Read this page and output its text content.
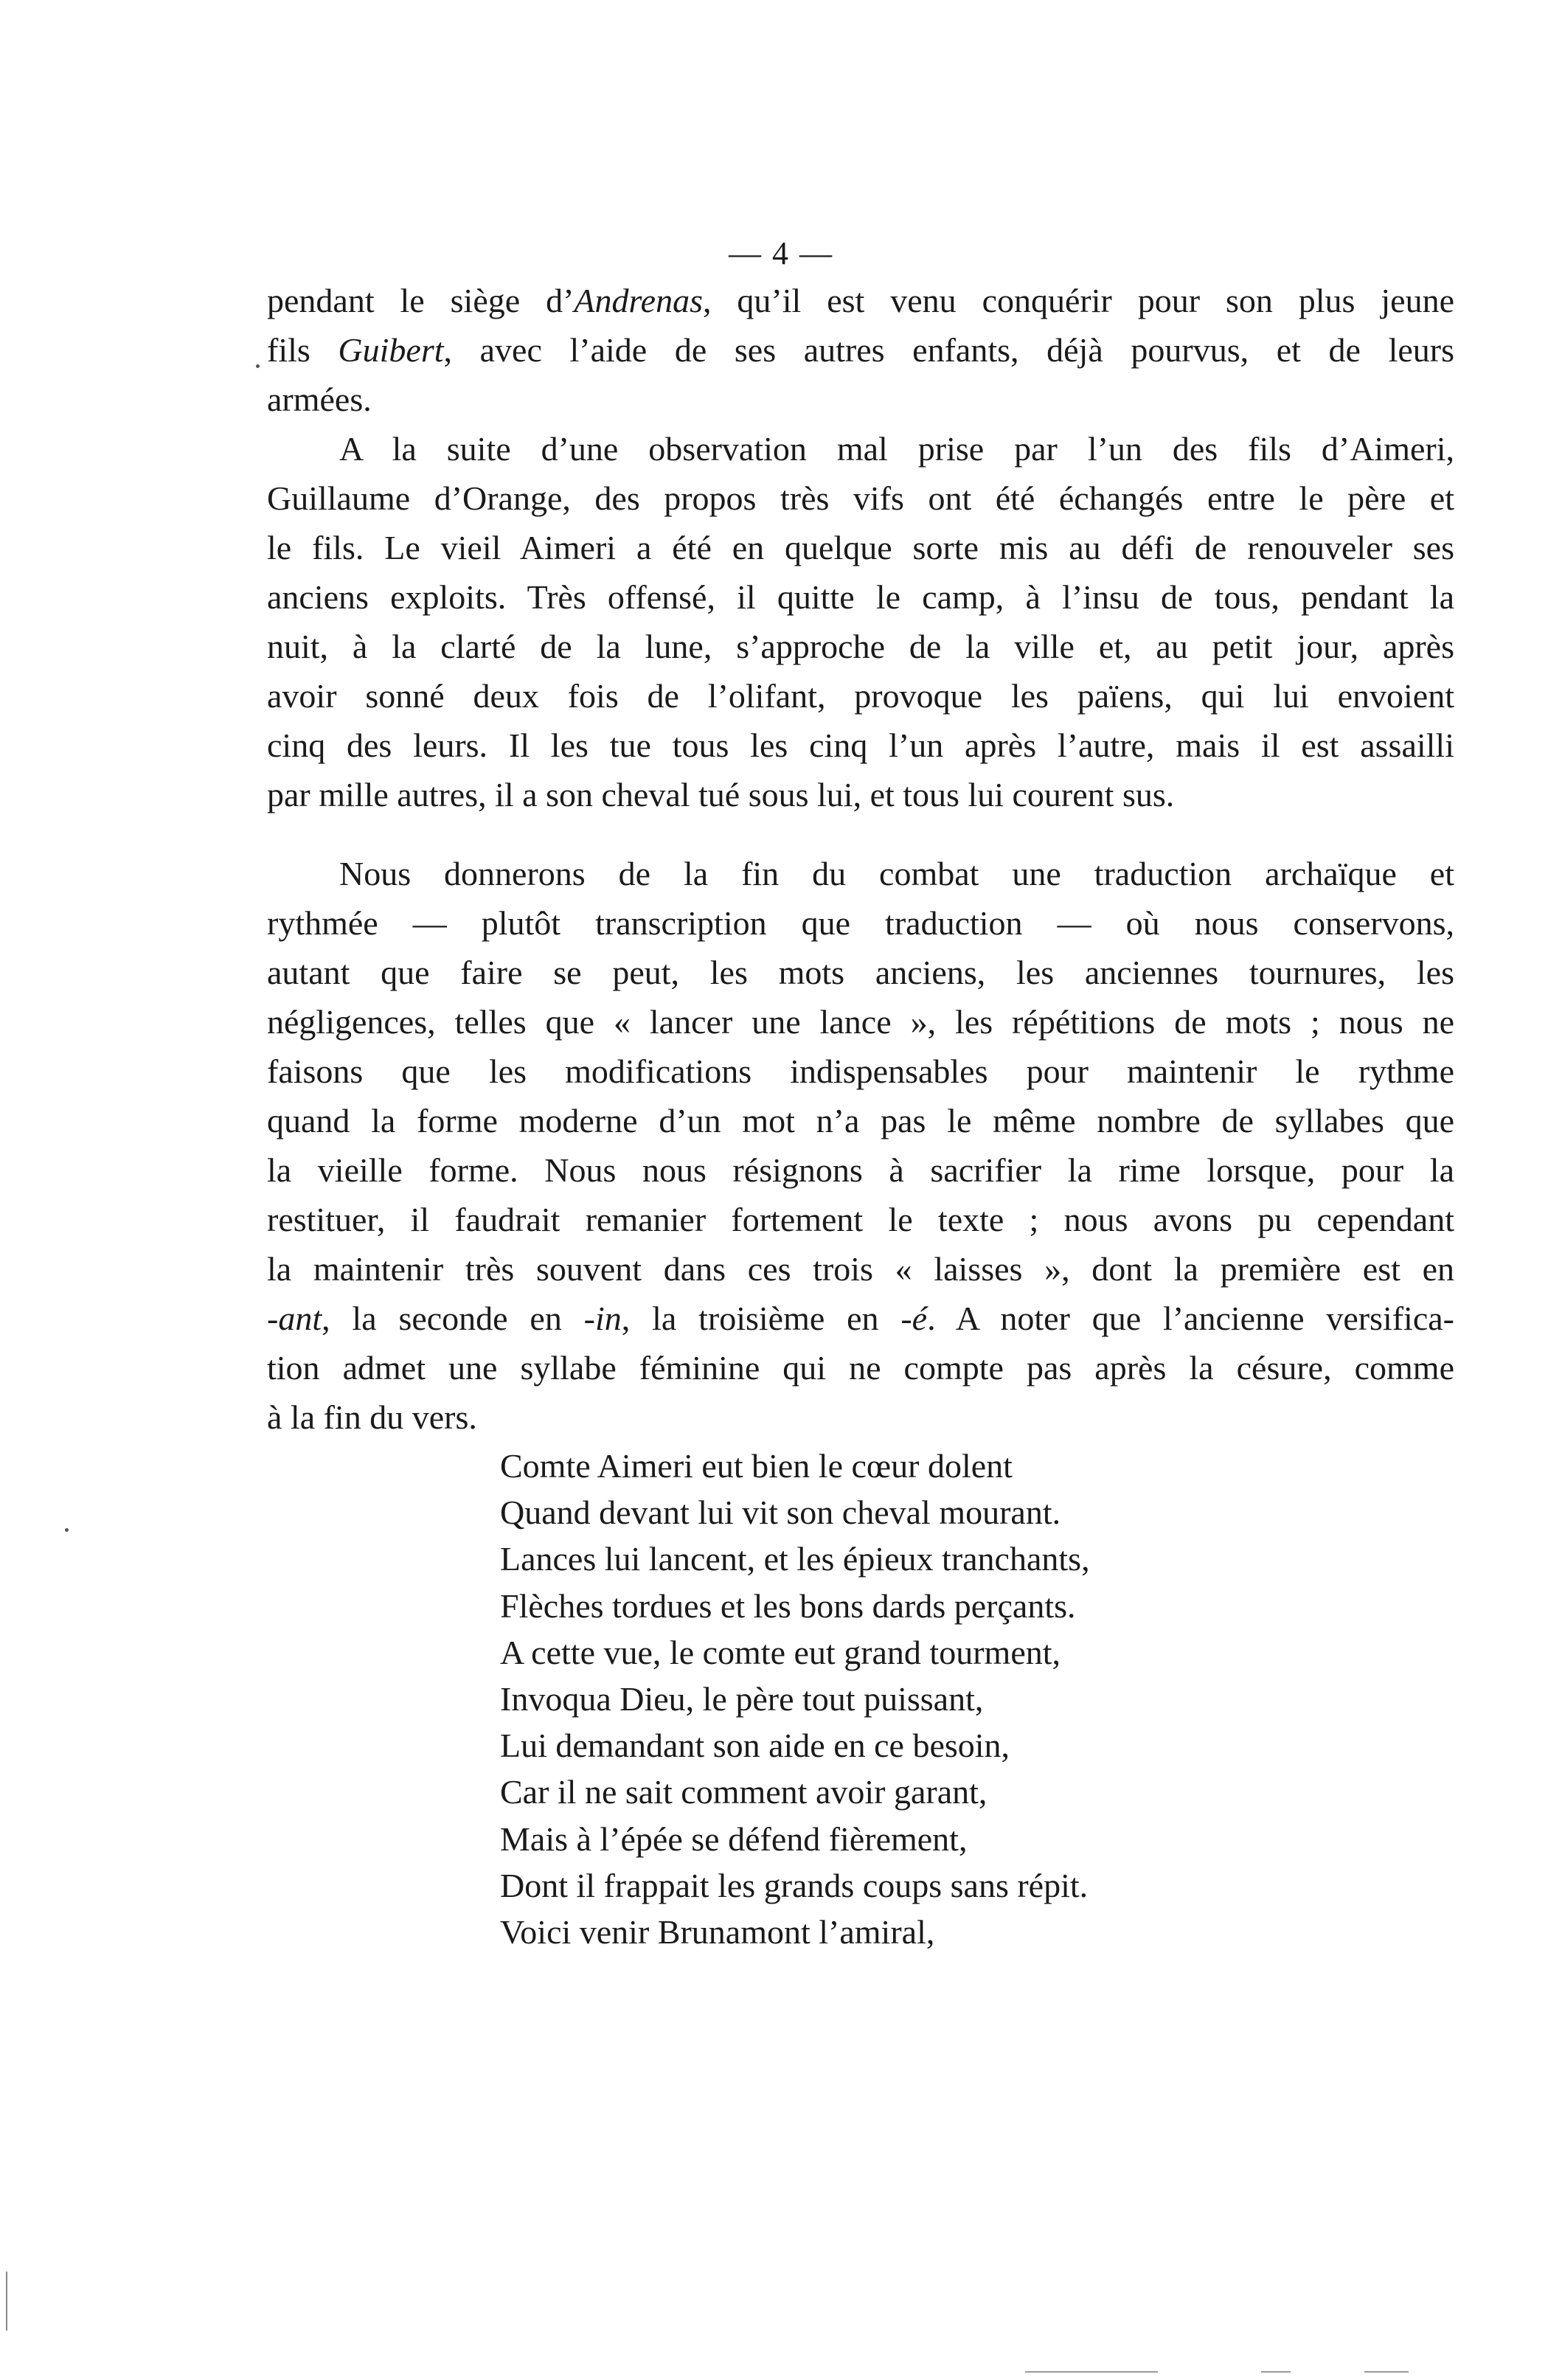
— 4 —
pendant le siège d’Andrenas, qu’il est venu conquérir pour son plus jeune
fils Guibert, avec l’aide de ses autres enfants, déjà pourvus, et de leurs
armées.
A la suite d’une observation mal prise par l’un des fils d’Aimeri,
Guillaume d’Orange, des propos très vifs ont été échangés entre le père et
le fils. Le vieil Aimeri a été en quelque sorte mis au défi de renouveler ses
anciens exploits. Très offensé, il quitte le camp, à l’insu de tous, pendant la
nuit, à la clarté de la lune, s’approche de la ville et, au petit jour, après
avoir sonné deux fois de l’olifant, provoque les païens, qui lui envoient
cinq des leurs. Il les tue tous les cinq l’un après l’autre, mais il est assailli
par mille autres, il a son cheval tué sous lui, et tous lui courent sus.
Nous donnerons de la fin du combat une traduction archaïque et
rythmée — plutôt transcription que traduction — où nous conservons,
autant que faire se peut, les mots anciens, les anciennes tournures, les
négligences, telles que « lancer une lance », les répétitions de mots ; nous ne
faisons que les modifications indispensables pour maintenir le rythme
quand la forme moderne d’un mot n’a pas le même nombre de syllabes que
la vieille forme. Nous nous résignons à sacrifier la rime lorsque, pour la
restituer, il faudrait remanier fortement le texte ; nous avons pu cependant
la maintenir très souvent dans ces trois « laisses », dont la première est en
-ant, la seconde en -in, la troisième en -é. A noter que l’ancienne versifica-
tion admet une syllabe féminine qui ne compte pas après la césure, comme
à la fin du vers.
Comte Aimeri eut bien le cœur dolent
Quand devant lui vit son cheval mourant.
Lances lui lancent, et les épieux tranchants,
Flèches tordues et les bons dards perçants.
A cette vue, le comte eut grand tourment,
Invoqua Dieu, le père tout puissant,
Lui demandant son aide en ce besoin,
Car il ne sait comment avoir garant,
Mais à l’épée se défend fièrement,
Dont il frappait les grands coups sans répit.
Voici venir Brunamont l’amiral,
